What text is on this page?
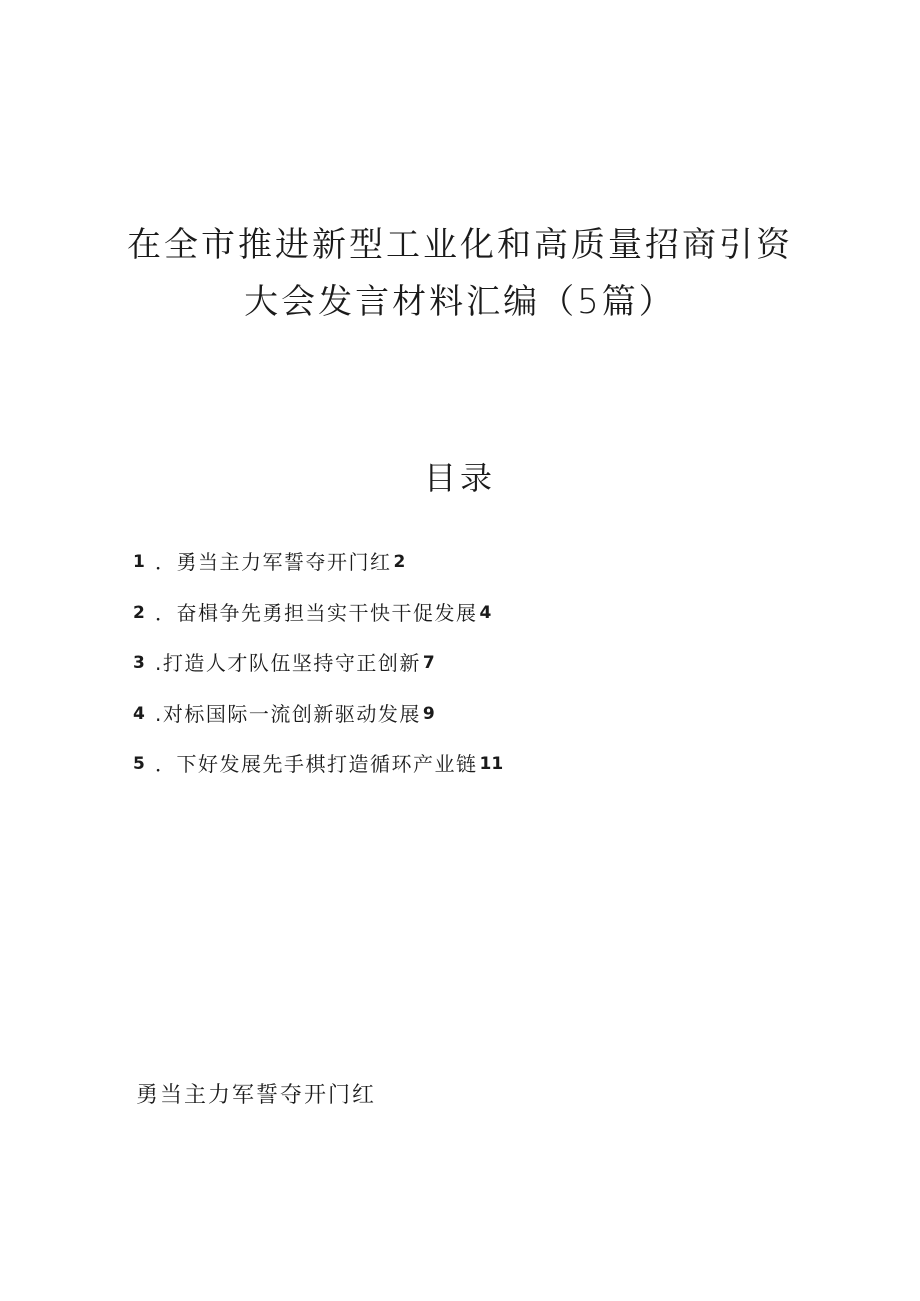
在全市推进新型工业化和高质量招商引资
大会发言材料汇编（5篇）
目录
1 ．勇当主力军誓夺开门红 2
2 ．奋楫争先勇担当实干快干促发展 4
3 .打造人才队伍坚持守正创新 7
4 .对标国际一流创新驱动发展 9
5 ．下好发展先手棋打造循环产业链 11
勇当主力军誓夺开门红
